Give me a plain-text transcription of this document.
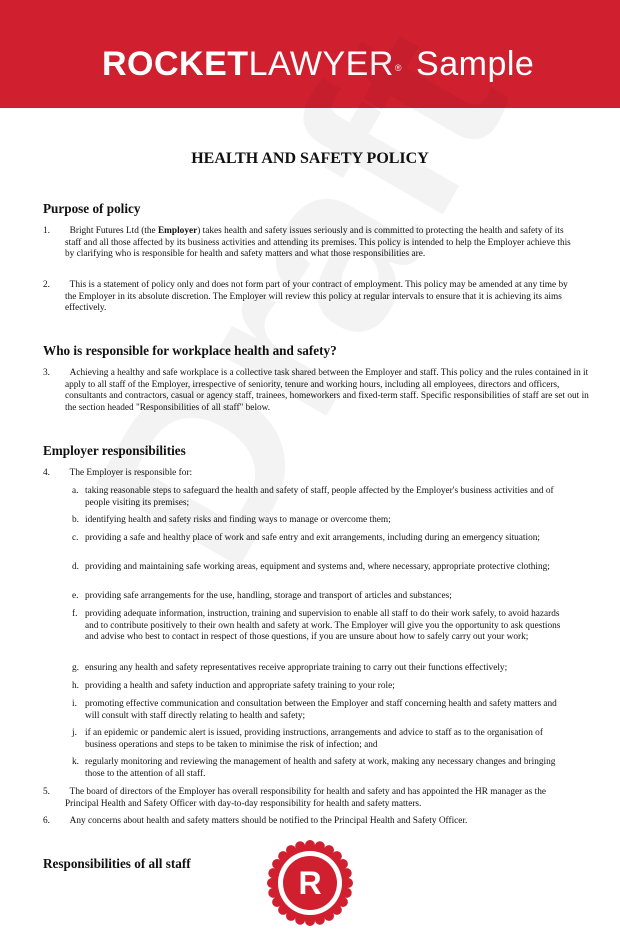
ROCKETLAWYER® Sample
HEALTH AND SAFETY POLICY
Purpose of policy
1.	Bright Futures Ltd (the Employer) takes health and safety issues seriously and is committed to protecting the health and safety of its staff and all those affected by its business activities and attending its premises. This policy is intended to help the Employer achieve this by clarifying who is responsible for health and safety matters and what those responsibilities are.
2.	This is a statement of policy only and does not form part of your contract of employment. This policy may be amended at any time by the Employer in its absolute discretion. The Employer will review this policy at regular intervals to ensure that it is achieving its aims effectively.
Who is responsible for workplace health and safety?
3.	Achieving a healthy and safe workplace is a collective task shared between the Employer and staff. This policy and the rules contained in it apply to all staff of the Employer, irrespective of seniority, tenure and working hours, including all employees, directors and officers, consultants and contractors, casual or agency staff, trainees, homeworkers and fixed-term staff. Specific responsibilities of staff are set out in the section headed "Responsibilities of all staff" below.
Employer responsibilities
4.	The Employer is responsible for:
a. taking reasonable steps to safeguard the health and safety of staff, people affected by the Employer's business activities and of people visiting its premises;
b. identifying health and safety risks and finding ways to manage or overcome them;
c. providing a safe and healthy place of work and safe entry and exit arrangements, including during an emergency situation;
d. providing and maintaining safe working areas, equipment and systems and, where necessary, appropriate protective clothing;
e. providing safe arrangements for the use, handling, storage and transport of articles and substances;
f. providing adequate information, instruction, training and supervision to enable all staff to do their work safely, to avoid hazards and to contribute positively to their own health and safety at work. The Employer will give you the opportunity to ask questions and advise who best to contact in respect of those questions, if you are unsure about how to safely carry out your work;
g. ensuring any health and safety representatives receive appropriate training to carry out their functions effectively;
h. providing a health and safety induction and appropriate safety training to your role;
i. promoting effective communication and consultation between the Employer and staff concerning health and safety matters and will consult with staff directly relating to health and safety;
j. if an epidemic or pandemic alert is issued, providing instructions, arrangements and advice to staff as to the organisation of business operations and steps to be taken to minimise the risk of infection; and
k. regularly monitoring and reviewing the management of health and safety at work, making any necessary changes and bringing those to the attention of all staff.
5.	The board of directors of the Employer has overall responsibility for health and safety and has appointed the HR manager as the Principal Health and Safety Officer with day-to-day responsibility for health and safety matters.
6.	Any concerns about health and safety matters should be notified to the Principal Health and Safety Officer.
Responsibilities of all staff
R
